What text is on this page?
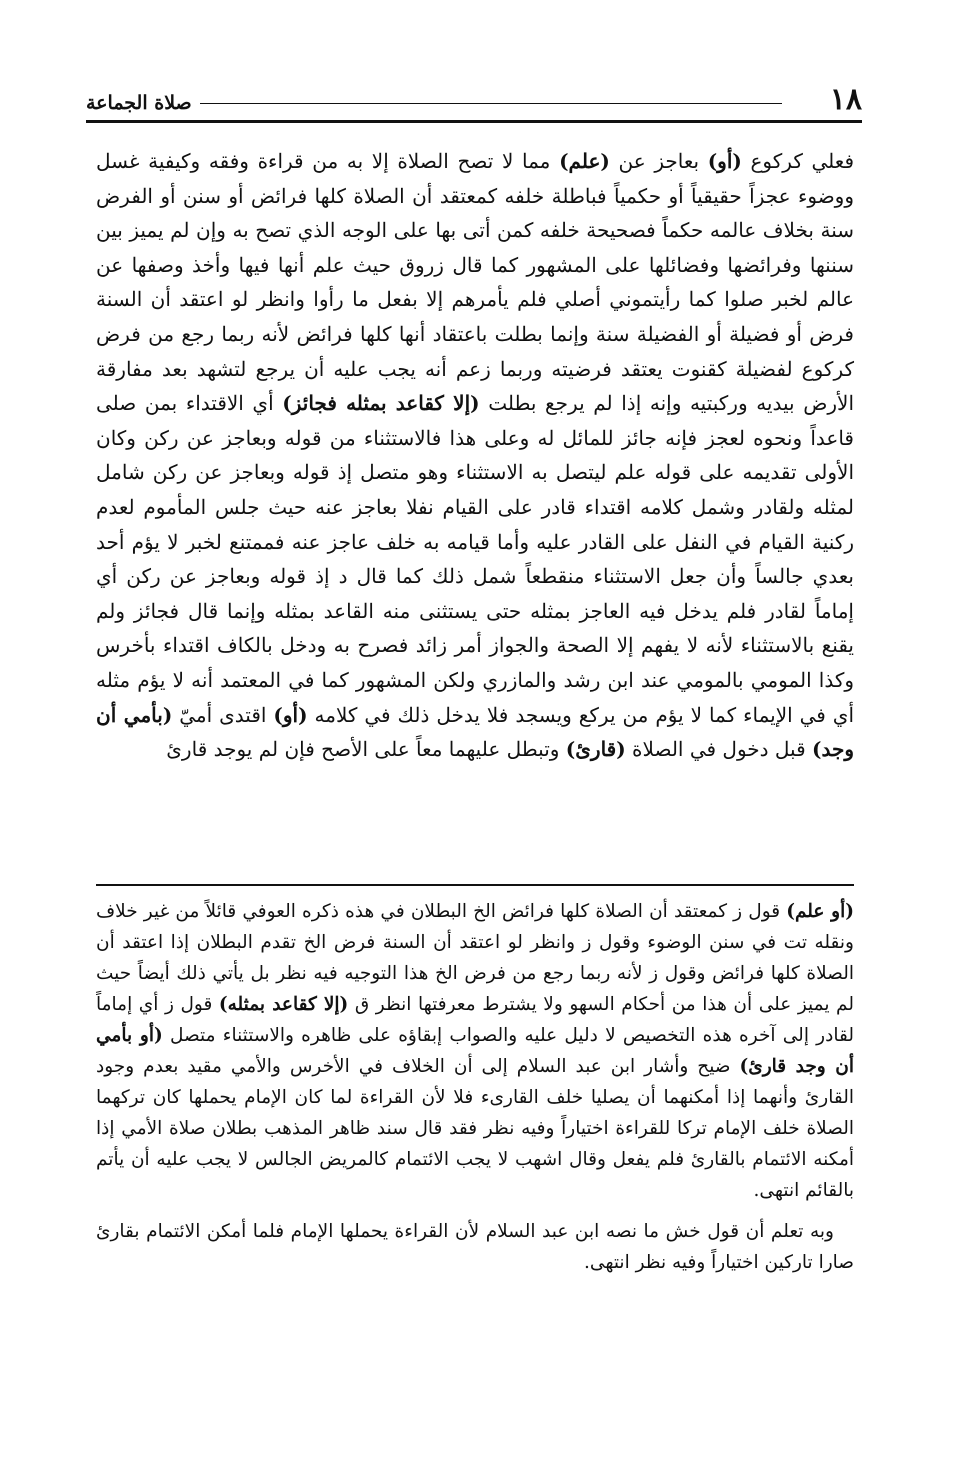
١٨
صلاة الجماعة

فعلي كركوع (أو) بعاجز عن (علم) مما لا تصح الصلاة إلا به من قراءة وفقه وكيفية غسل ووضوء عجزاً حقيقياً أو حكمياً فباطلة خلفه كمعتقد أن الصلاة كلها فرائض أو سنن أو الفرض سنة بخلاف عالمه حكماً فصحيحة خلفه كمن أتى بها على الوجه الذي تصح به وإن لم يميز بين سننها وفرائضها وفضائلها على المشهور كما قال زروق حيث علم أنها فيها وأخذ وصفها عن عالم لخبر صلوا كما رأيتموني أصلي فلم يأمرهم إلا بفعل ما رأوا وانظر لو اعتقد أن السنة فرض أو فضيلة أو الفضيلة سنة وإنما بطلت باعتقاد أنها كلها فرائض لأنه ربما رجع من فرض كركوع لفضيلة كقنوت يعتقد فرضيته وربما زعم أنه يجب عليه أن يرجع لتشهد بعد مفارقة الأرض بيديه وركبتيه وإنه إذا لم يرجع بطلت (إلا كقاعد بمثله فجائز) أي الاقتداء بمن صلى قاعداً ونحوه لعجز فإنه جائز للمائل له وعلى هذا فالاستثناء من قوله وبعاجز عن ركن وكان الأولى تقديمه على قوله علم ليتصل به الاستثناء وهو متصل إذ قوله وبعاجز عن ركن شامل لمثله ولقادر وشمل كلامه اقتداء قادر على القيام نفلا بعاجز عنه حيث جلس المأموم لعدم ركنية القيام في النفل على القادر عليه وأما قيامه به خلف عاجز عنه فممتنع لخبر لا يؤم أحد بعدي جالساً وأن جعل الاستثناء منقطعاً شمل ذلك كما قال د إذ قوله وبعاجز عن ركن أي إماماً لقادر فلم يدخل فيه العاجز بمثله حتى يستثنى منه القاعد بمثله وإنما قال فجائز ولم يقنع بالاستثناء لأنه لا يفهم إلا الصحة والجواز أمر زائد فصرح به ودخل بالكاف اقتداء بأخرس وكذا المومي بالمومي عند ابن رشد والمازري ولكن المشهور كما في المعتمد أنه لا يؤم مثله أي في الإيماء كما لا يؤم من يركع ويسجد فلا يدخل ذلك في كلامه (أو) اقتدى أميّ (بأمي أن وجد) قبل دخول في الصلاة (قارئ) وتبطل عليهما معاً على الأصح فإن لم يوجد قارئ

(أو علم) قول ز كمعتقد أن الصلاة كلها فرائض الخ البطلان في هذه ذكره العوفي قائلاً من غير خلاف ونقله تت في سنن الوضوء وقول ز وانظر لو اعتقد أن السنة فرض الخ تقدم البطلان إذا اعتقد أن الصلاة كلها فرائض وقول ز لأنه ربما رجع من فرض الخ هذا التوجيه فيه نظر بل يأتي ذلك أيضاً حيث لم يميز على أن هذا من أحكام السهو ولا يشترط معرفتها انظر ق (إلا كقاعد بمثله) قول ز أي إماماً لقادر إلى آخره هذه التخصيص لا دليل عليه والصواب إبقاؤه على ظاهره والاستثناء متصل (أو بأمي أن وجد قارئ) ضيح وأشار ابن عبد السلام إلى أن الخلاف في الأخرس والأمي مقيد بعدم وجود القارئ وأنهما إذا أمكنهما أن يصليا خلف القارىء فلا لأن القراءة لما كان الإمام يحملها كان تركهما الصلاة خلف الإمام تركا للقراءة اختياراً وفيه نظر فقد قال سند ظاهر المذهب بطلان صلاة الأمي إذا أمكنه الائتمام بالقارئ فلم يفعل وقال اشهب لا يجب الائتمام كالمريض الجالس لا يجب عليه أن يأتم بالقائم انتهى.

وبه تعلم أن قول خش ما نصه ابن عبد السلام لأن القراءة يحملها الإمام فلما أمكن الائتمام بقارئ صارا تاركين اختياراً وفيه نظر انتهى.
